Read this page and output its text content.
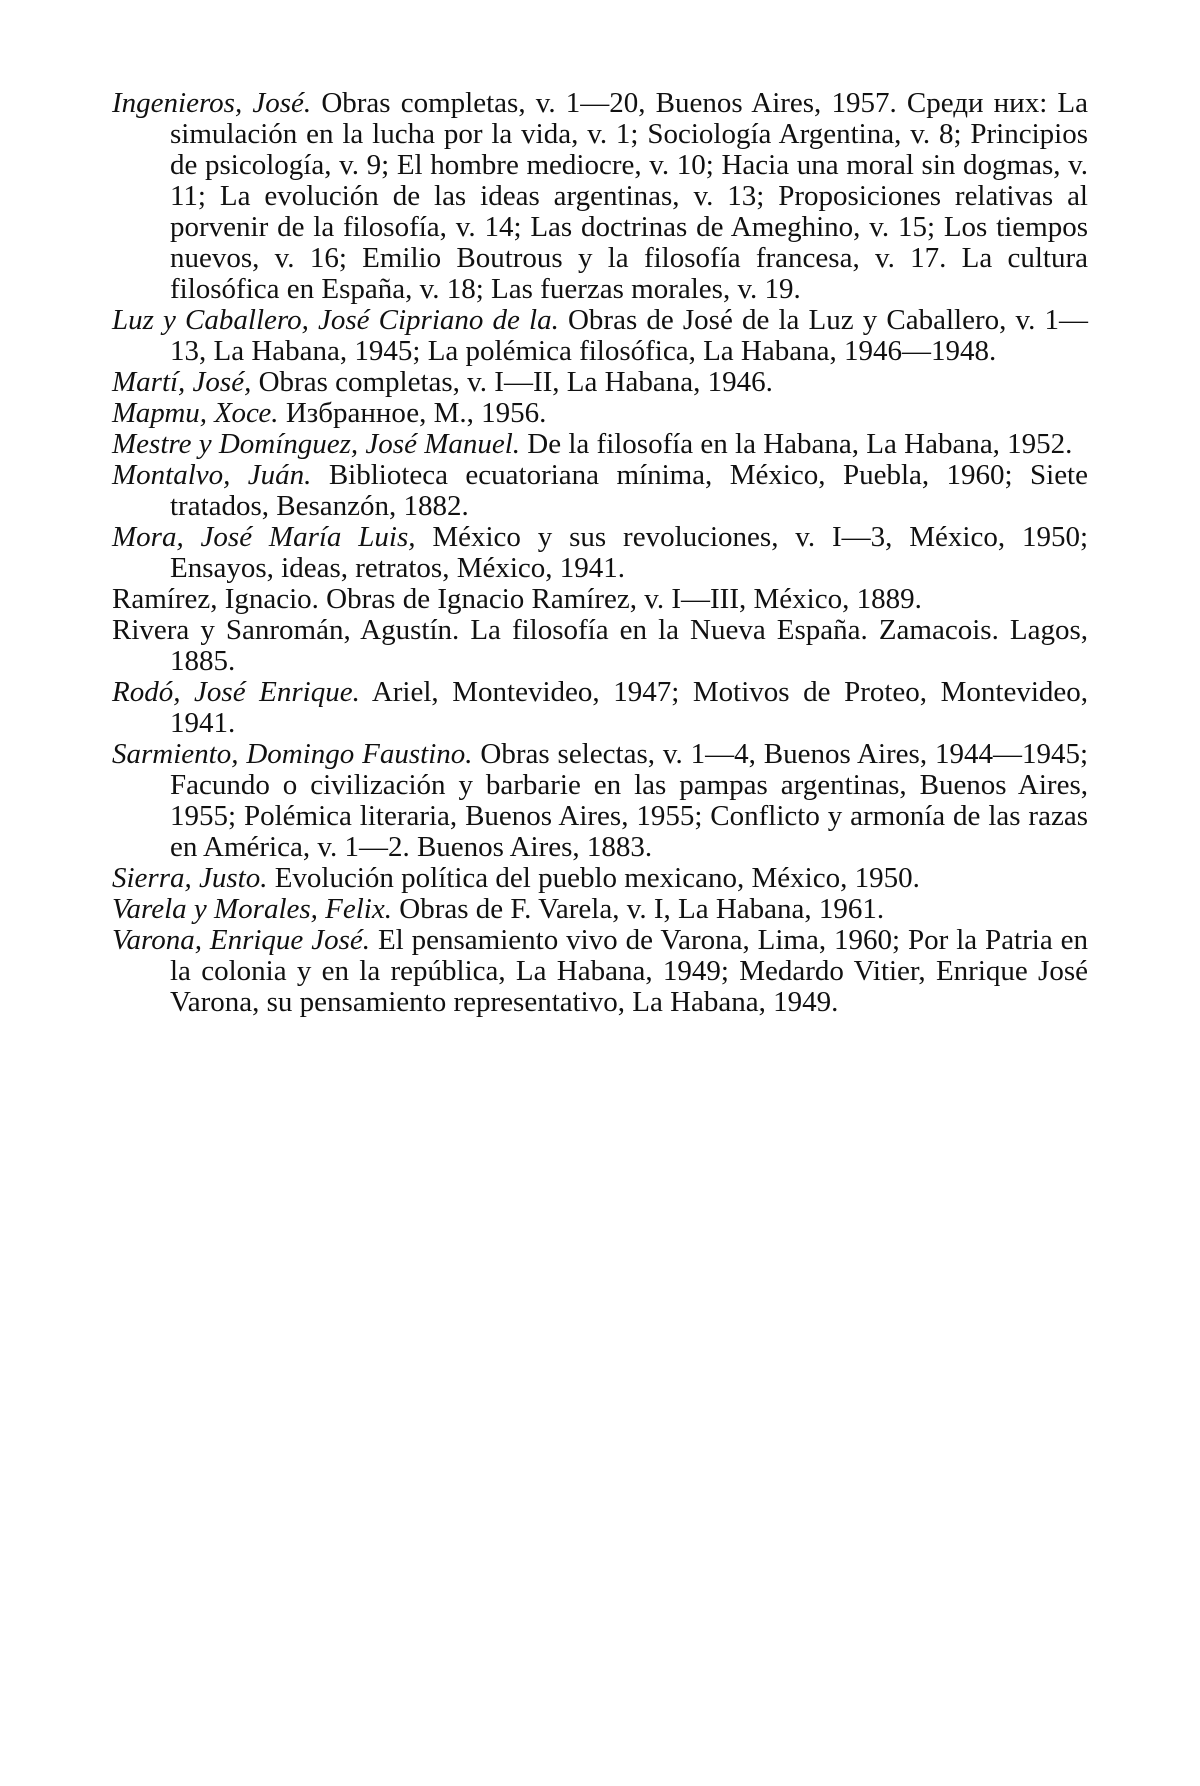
Ingenieros, José. Obras completas, v. 1—20, Buenos Aires, 1957. Среди них: La simulación en la lucha por la vida, v. 1; Sociología Argentina, v. 8; Principios de psicología, v. 9; El hombre mediocre, v. 10; Hacia una moral sin dogmas, v. 11; La evolución de las ideas argentinas, v. 13; Proposiciones relativas al porvenir de la filosofía, v. 14; Las doctrinas de Ameghino, v. 15; Los tiempos nuevos, v. 16; Emilio Boutrous y la filosofía francesa, v. 17. La cultura filosófica en España, v. 18; Las fuerzas morales, v. 19.

Luz y Caballero, José Cipriano de la. Obras de José de la Luz y Caballero, v. 1—13, La Habana, 1945; La polémica filosófica, La Habana, 1946—1948.

Martí, José, Obras completas, v. I—II, La Habana, 1946.

Марти, Хосе. Избранное, М., 1956.

Mestre y Domínguez, José Manuel. De la filosofía en la Habana, La Habana, 1952.

Montalvo, Juán. Biblioteca ecuatoriana mínima, México, Puebla, 1960; Siete tratados, Besanzón, 1882.

Mora, José María Luis, México y sus revoluciones, v. I—3, México, 1950; Ensayos, ideas, retratos, México, 1941.

Ramírez, Ignacio. Obras de Ignacio Ramírez, v. I—III, México, 1889.

Rivera y Sanromán, Agustín. La filosofía en la Nueva España. Zamacois. Lagos, 1885.

Rodó, José Enrique. Ariel, Montevideo, 1947; Motivos de Proteo, Montevideo, 1941.

Sarmiento, Domingo Faustino. Obras selectas, v. 1—4, Buenos Aires, 1944—1945; Facundo o civilización y barbarie en las pampas argentinas, Buenos Aires, 1955; Polémica literaria, Buenos Aires, 1955; Conflicto y armonía de las razas en América, v. 1—2. Buenos Aires, 1883.

Sierra, Justo. Evolución política del pueblo mexicano, México, 1950.

Varela y Morales, Felix. Obras de F. Varela, v. I, La Habana, 1961.

Varona, Enrique José. El pensamiento vivo de Varona, Lima, 1960; Por la Patria en la colonia y en la república, La Habana, 1949; Medardo Vitier, Enrique José Varona, su pensamiento representativo, La Habana, 1949.
